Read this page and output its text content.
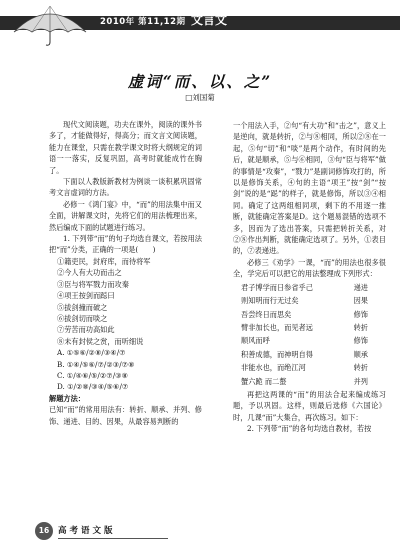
2010年 第11,12期 文言文
虚词“而、以、之”
□刘国菊

现代文阅读题，功夫在课外，阅读的课外书多了，才能做得好，得高分；而文言文阅读题，能力在课堂，只需在教学课文时将大纲规定的词语一一落实，反复巩固，高考时就能成竹在胸了。

下面以人教版新教材为例谈一谈积累巩固常考文言虚词的方法。

必修一《鸿门宴》中，“而”的用法集中而又全面，讲解课文时，先将它们的用法梳理出来，然后编成下面的试题进行练习。

1. 下列带“而”的句子均选自课文，若按用法把“而”分类，正确的一项是(　　)

①籍吏民，封府库，而待将军

②今人有大功而击之

③臣与将军戮力而攻秦

④项王按剑而跽曰

⑤拔剑撞而破之

⑥拔剑切而啖之

⑦劳苦而功高如此

⑧未有封侯之赏，而听细说

A. ①⑤⑥/②⑧/③④/⑦

B. ①④/⑤⑥/⑦/②③/⑦⑧

C. ①/④⑥/⑤/②⑦/③⑧

D. ①/②⑧/③④/⑤⑥/⑦

解题方法：

已知“而”的常用用法有：转折、顺承、并列、修饰、递进、目的、因果，从最容易判断的

一个用法入手，②句“有大功”和“击之”，意义上是逆向，就是转折，②与⑧相同，所以②⑧在一起，⑤句“切”和“啖”是两个动作，有时间的先后，就是顺承，⑤与⑥相同，③句“臣与将军”做的事情是“攻秦”，“戮力”是副词修饰攻打的，所以是修饰关系，④句的主语“项王”按“剑”“按剑”说的是“跽”的样子，就是修饰，所以③④相同。确定了这两组相同项，剩下的不用逐一推断，就能确定答案是D。这个题易混错的选项不多，因而为了选出答案，只需把转折关系，对②⑧作出判断，就能确定选项了。另外，①表目的，⑦表递进。

必修三《劝学》一课，“而”的用法也很多很全，学完后可以把它的用法整理成下列形式：

君子博学而日参省乎己	递进
则知明而行无过矣	因果
吾尝终日而思矣	修饰
臂非加长也，而见者远	转折
顺风而呼	修饰
积善成德，而神明自得	顺承
非能水也，而绝江河	转折
蟹六跪 而二螯	并列

再把这两课的“而”的用法合起来编成练习题，予以巩固。这样，则最后选修《六国论》时，几课“而”大集合，再次练习。如下：

2. 下列带“而”的各句均选自教材，若按

16	高考语文版
